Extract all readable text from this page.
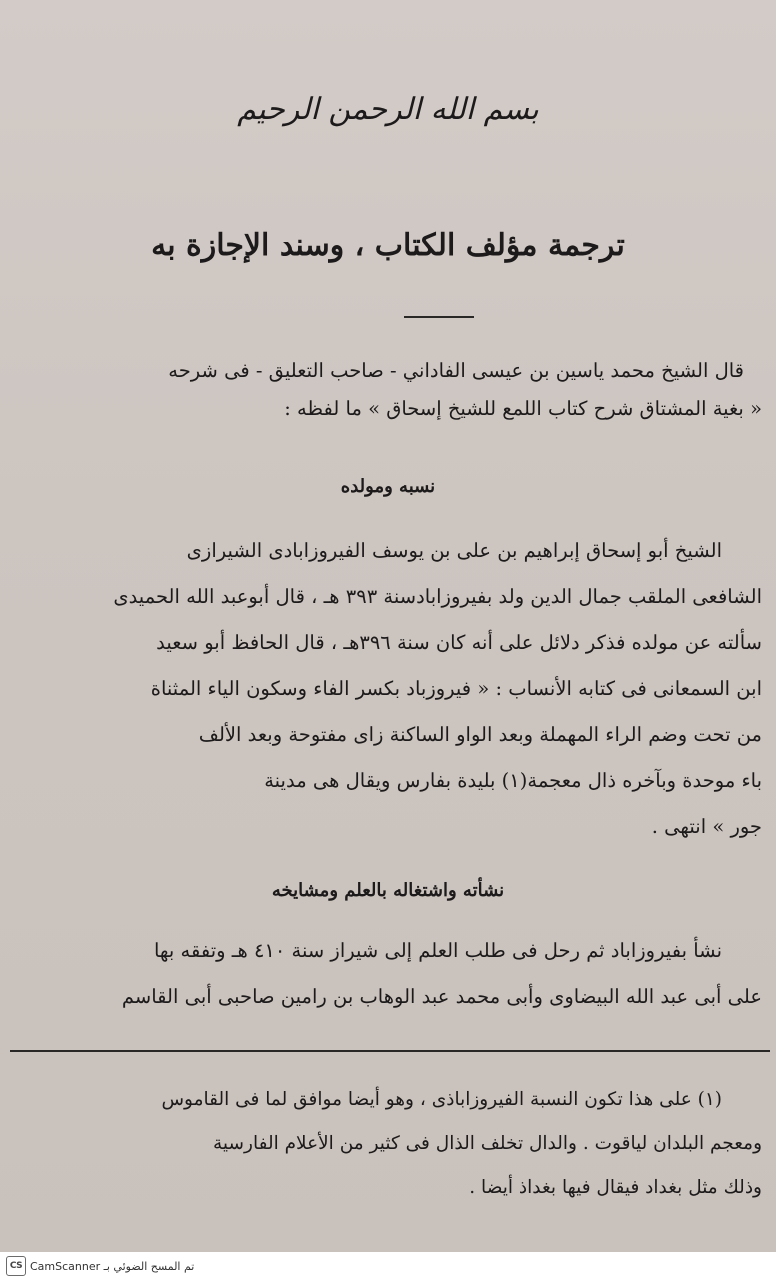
بسم الله الرحمن الرحيم
ترجمة مؤلف الكتاب ، وسند الإجازة به

قال الشيخ محمد ياسين بن عيسى الفاداني - صاحب التعليق - فى شرحه
« بغية المشتاق شرح كتاب اللمع للشيخ إسحاق » ما لفظه :

نسبه ومولده

الشيخ أبو إسحاق إبراهيم بن على بن يوسف الفيروزابادى الشيرازى
الشافعى الملقب جمال الدين ولد بفيروزابادسنة ٣٩٣ هـ ، قال أبوعبد الله الحميدى
سألته عن مولده فذكر دلائل على أنه كان سنة ٣٩٦هـ ، قال الحافظ أبو سعيد
ابن السمعانى فى كتابه الأنساب : « فيروزباد بكسر الفاء وسكون الياء المثناة
من تحت وضم الراء المهملة وبعد الواو الساكنة زاى مفتوحة وبعد الألف
باء موحدة وبآخره ذال معجمة(١) بليدة بفارس ويقال هى مدينة
جور » انتهى .

نشأته واشتغاله بالعلم ومشايخه

نشأ بفيروزاباد ثم رحل فى طلب العلم إلى شيراز سنة ٤١٠ هـ وتفقه بها
على أبى عبد الله البيضاوى وأبى محمد عبد الوهاب بن رامين صاحبى أبى القاسم

(١) على هذا تكون النسبة الفيروزاباذى ، وهو أيضا موافق لما فى القاموس
ومعجم البلدان لياقوت . والدال تخلف الذال فى كثير من الأعلام الفارسية
وذلك مثل بغداد فيقال فيها بغداذ أيضا .

CS تم المسح الضوئي بـ CamScanner
